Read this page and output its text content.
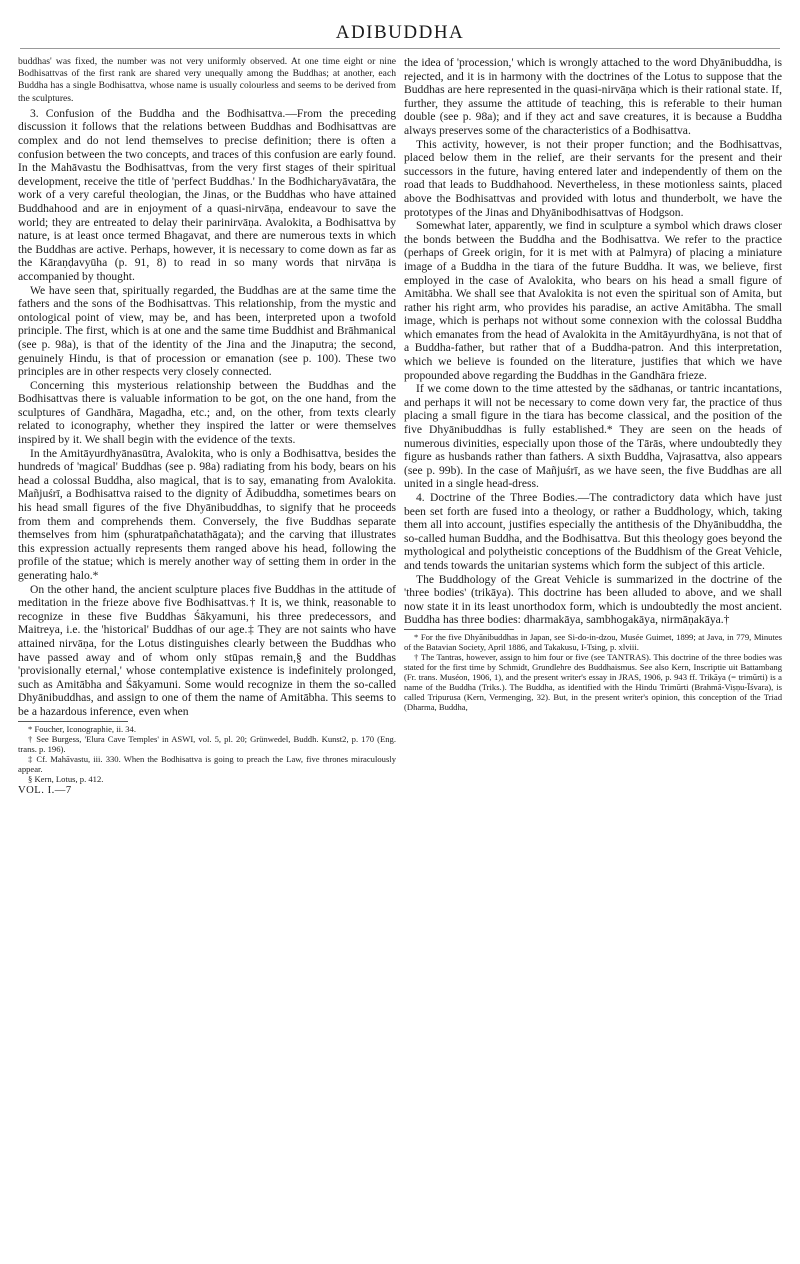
ADIBUDDHA

buddhas' was fixed, the number was not very uniformly observed. At one time eight or nine Bodhisattvas of the first rank are shared very unequally among the Buddhas; at another, each Buddha has a single Bodhisattva, whose name is usually colourless and seems to be derived from the sculptures.

3. Confusion of the Buddha and the Bodhisattva.—From the preceding discussion it follows that the relations between Buddhas and Bodhisattvas are complex and do not lend themselves to precise definition; there is often a confusion between the two concepts, and traces of this confusion are early found. In the Mahāvastu the Bodhisattvas, from the very first stages of their spiritual development, receive the title of 'perfect Buddhas.' In the Bodhicharyāvatāra, the work of a very careful theologian, the Jinas, or the Buddhas who have attained Buddhahood and are in enjoyment of a quasi-nirvāṇa, endeavour to save the world; they are entreated to delay their parinirvāṇa. Avalokita, a Bodhisattva by nature, is at least once termed Bhagavat, and there are numerous texts in which the Buddhas are active. Perhaps, however, it is necessary to come down as far as the Kāraṇḍavyūha (p. 91, 8) to read in so many words that nirvāṇa is accompanied by thought.

We have seen that, spiritually regarded, the Buddhas are at the same time the fathers and the sons of the Bodhisattvas. This relationship, from the mystic and ontological point of view, may be, and has been, interpreted upon a twofold principle. The first, which is at one and the same time Buddhist and Brāhmanical (see p. 98a), is that of the identity of the Jina and the Jinaputra; the second, genuinely Hindu, is that of procession or emanation (see p. 100). These two principles are in other respects very closely connected.

Concerning this mysterious relationship between the Buddhas and the Bodhisattvas there is valuable information to be got, on the one hand, from the sculptures of Gandhāra, Magadha, etc.; and, on the other, from texts clearly related to iconography, whether they inspired the latter or were themselves inspired by it. We shall begin with the evidence of the texts.

In the Amitāyurdhyānasūtra, Avalokita, who is only a Bodhisattva, besides the hundreds of 'magical' Buddhas (see p. 98a) radiating from his body, bears on his head a colossal Buddha, also magical, that is to say, emanating from Avalokita. Mañjuśrī, a Bodhisattva raised to the dignity of Ādibuddha, sometimes bears on his head small figures of the five Dhyānibuddhas, to signify that he proceeds from them and comprehends them. Conversely, the five Buddhas separate themselves from him (sphuratpañchatathāgata); and the carving that illustrates this expression actually represents them ranged above his head, following the profile of the statue; which is merely another way of setting them in order in the generating halo.*

On the other hand, the ancient sculpture places five Buddhas in the attitude of meditation in the frieze above five Bodhisattvas.† It is, we think, reasonable to recognize in these five Buddhas Śākyamuni, his three predecessors, and Maitreya, i.e. the 'historical' Buddhas of our age.‡ They are not saints who have attained nirvāṇa, for the Lotus distinguishes clearly between the Buddhas who have passed away and of whom only stūpas remain,§ and the Buddhas 'provisionally eternal,' whose contemplative existence is indefinitely prolonged, such as Amitābha and Śākyamuni. Some would recognize in them the so-called Dhyānibuddhas, and assign to one of them the name of Amitābha. This seems to be a hazardous inference, even when

* Foucher, Iconographie, ii. 34.

† See Burgess, 'Elura Cave Temples' in ASWI, vol. 5, pl. 20; Grünwedel, Buddh. Kunst2, p. 170 (Eng. trans. p. 196).

‡ Cf. Mahāvastu, iii. 330. When the Bodhisattva is going to preach the Law, five thrones miraculously appear.

§ Kern, Lotus, p. 412.

VOL. I.—7

the idea of 'procession,' which is wrongly attached to the word Dhyānibuddha, is rejected, and it is in harmony with the doctrines of the Lotus to suppose that the Buddhas are here represented in the quasi-nirvāṇa which is their rational state. If, further, they assume the attitude of teaching, this is referable to their human double (see p. 98a); and if they act and save creatures, it is because a Buddha always preserves some of the characteristics of a Bodhisattva.

This activity, however, is not their proper function; and the Bodhisattvas, placed below them in the relief, are their servants for the present and their successors in the future, having entered later and independently of them on the road that leads to Buddhahood. Nevertheless, in these motionless saints, placed above the Bodhisattvas and provided with lotus and thunderbolt, we have the prototypes of the Jinas and Dhyānibodhisattvas of Hodgson.

Somewhat later, apparently, we find in sculpture a symbol which draws closer the bonds between the Buddha and the Bodhisattva. We refer to the practice (perhaps of Greek origin, for it is met with at Palmyra) of placing a miniature image of a Buddha in the tiara of the future Buddha. It was, we believe, first employed in the case of Avalokita, who bears on his head a small figure of Amitābha. We shall see that Avalokita is not even the spiritual son of Amita, but rather his right arm, who provides his paradise, an active Amitābha. The small image, which is perhaps not without some connexion with the colossal Buddha which emanates from the head of Avalokita in the Amitāyurdhyāna, is not that of a Buddha-father, but rather that of a Buddha-patron. And this interpretation, which we believe is founded on the literature, justifies that which we have propounded above regarding the Buddhas in the Gandhāra frieze.

If we come down to the time attested by the sādhanas, or tantric incantations, and perhaps it will not be necessary to come down very far, the practice of thus placing a small figure in the tiara has become classical, and the position of the five Dhyānibuddhas is fully established.* They are seen on the heads of numerous divinities, especially upon those of the Tārās, where undoubtedly they figure as husbands rather than fathers. A sixth Buddha, Vajrasattva, also appears (see p. 99b). In the case of Mañjuśrī, as we have seen, the five Buddhas are all united in a single head-dress.

4. Doctrine of the Three Bodies.—The contradictory data which have just been set forth are fused into a theology, or rather a Buddhology, which, taking them all into account, justifies especially the antithesis of the Dhyānibuddha, the so-called human Buddha, and the Bodhisattva. But this theology goes beyond the mythological and polytheistic conceptions of the Buddhism of the Great Vehicle, and tends towards the unitarian systems which form the subject of this article.

The Buddhology of the Great Vehicle is summarized in the doctrine of the 'three bodies' (trikāya). This doctrine has been alluded to above, and we shall now state it in its least unorthodox form, which is undoubtedly the most ancient. Buddha has three bodies: dharmakāya, sambhogakāya, nirmāṇakāya.†

* For the five Dhyānibuddhas in Japan, see Si-do-in-dzou, Musée Guimet, 1899; at Java, in 779, Minutes of the Batavian Society, April 1886, and Takakusu, I-Tsing, p. xlviii.

† The Tantras, however, assign to him four or five (see TANTRAS). This doctrine of the three bodies was stated for the first time by Schmidt, Grundlehre des Buddhaismus. See also Kern, Inscriptie uit Battambang (Fr. trans. Muséon, 1906, 1), and the present writer's essay in JRAS, 1906, p. 943 ff. Trikāya (= trimūrti) is a name of the Buddha (Triks.). The Buddha, as identified with the Hindu Trimūrti (Brahmā-Viṣṇu-Īśvara), is called Tripurusa (Kern, Vermenging, 32). But, in the present writer's opinion, this conception of the Triad (Dharma, Buddha,
